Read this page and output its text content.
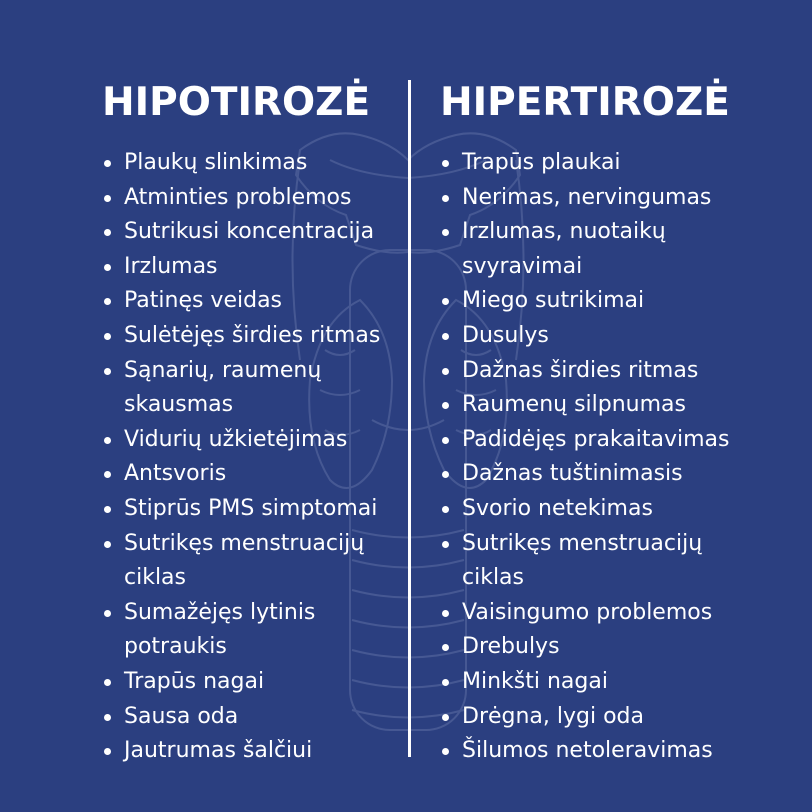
HIPOTIROZĖ
Plaukų slinkimas
Atminties problemos
Sutrikusi koncentracija
Irzlumas
Patinęs veidas
Sulėtėjęs širdies ritmas
Sąnarių, raumenų skausmas
Vidurių užkietėjimas
Antsvoris
Stiprūs PMS simptomai
Sutrikęs menstruacijų ciklas
Sumažėjęs lytinis potraukis
Trapūs nagai
Sausa oda
Jautrumas šalčiui
HIPERTIROZĖ
Trapūs plaukai
Nerimas, nervingumas
Irzlumas, nuotaikų svyravimai
Miego sutrikimai
Dusulys
Dažnas širdies ritmas
Raumenų silpnumas
Padidėjęs prakaitavimas
Dažnas tuštinimasis
Svorio netekimas
Sutrikęs menstruacijų ciklas
Vaisingumo problemos
Drebulys
Minkšti nagai
Drėgna, lygi oda
Šilumos netoleravimas
